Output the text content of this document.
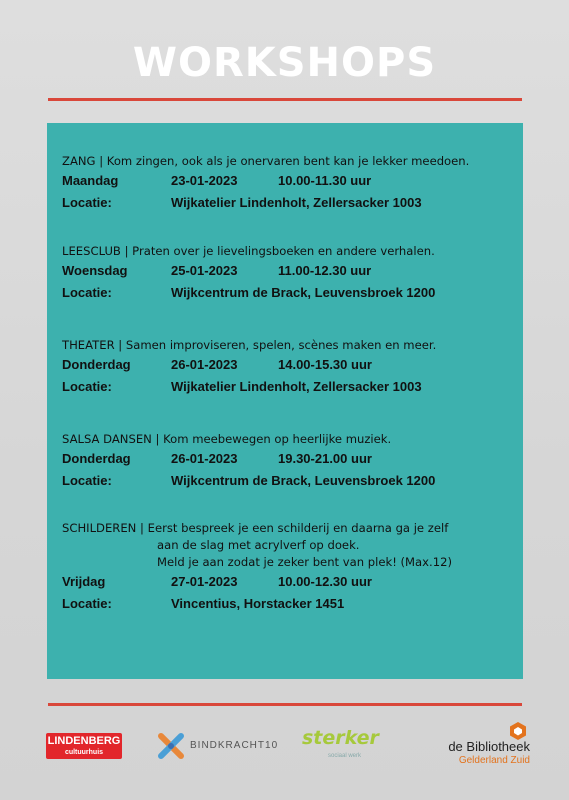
WORKSHOPS
ZANG | Kom zingen, ook als je onervaren bent kan je lekker meedoen.
Maandag	23-01-2023	10.00-11.30 uur
Locatie:	Wijkatelier Lindenholt, Zellersacker 1003
LEESCLUB | Praten over je lievelingsboeken en andere verhalen.
Woensdag	25-01-2023	11.00-12.30 uur
Locatie:	Wijkcentrum de Brack, Leuvensbroek 1200
THEATER | Samen improviseren, spelen, scènes maken en meer.
Donderdag	26-01-2023	14.00-15.30 uur
Locatie:	Wijkatelier Lindenholt, Zellersacker 1003
SALSA DANSEN | Kom meebewegen op heerlijke muziek.
Donderdag	26-01-2023	19.30-21.00 uur
Locatie:	Wijkcentrum de Brack, Leuvensbroek 1200
SCHILDEREN | Eerst bespreek je een schilderij en daarna ga je zelf
aan de slag met acrylverf op doek.
Meld je aan zodat je zeker bent van plek! (Max.12)
Vrijdag	27-01-2023	10.00-12.30 uur
Locatie:	Vincentius, Horstacker 1451
LINDENBERG
cultuurhuis
BINDKRACHT10 sterker
sociaal werk
de Bibliotheek
Gelderland Zuid
